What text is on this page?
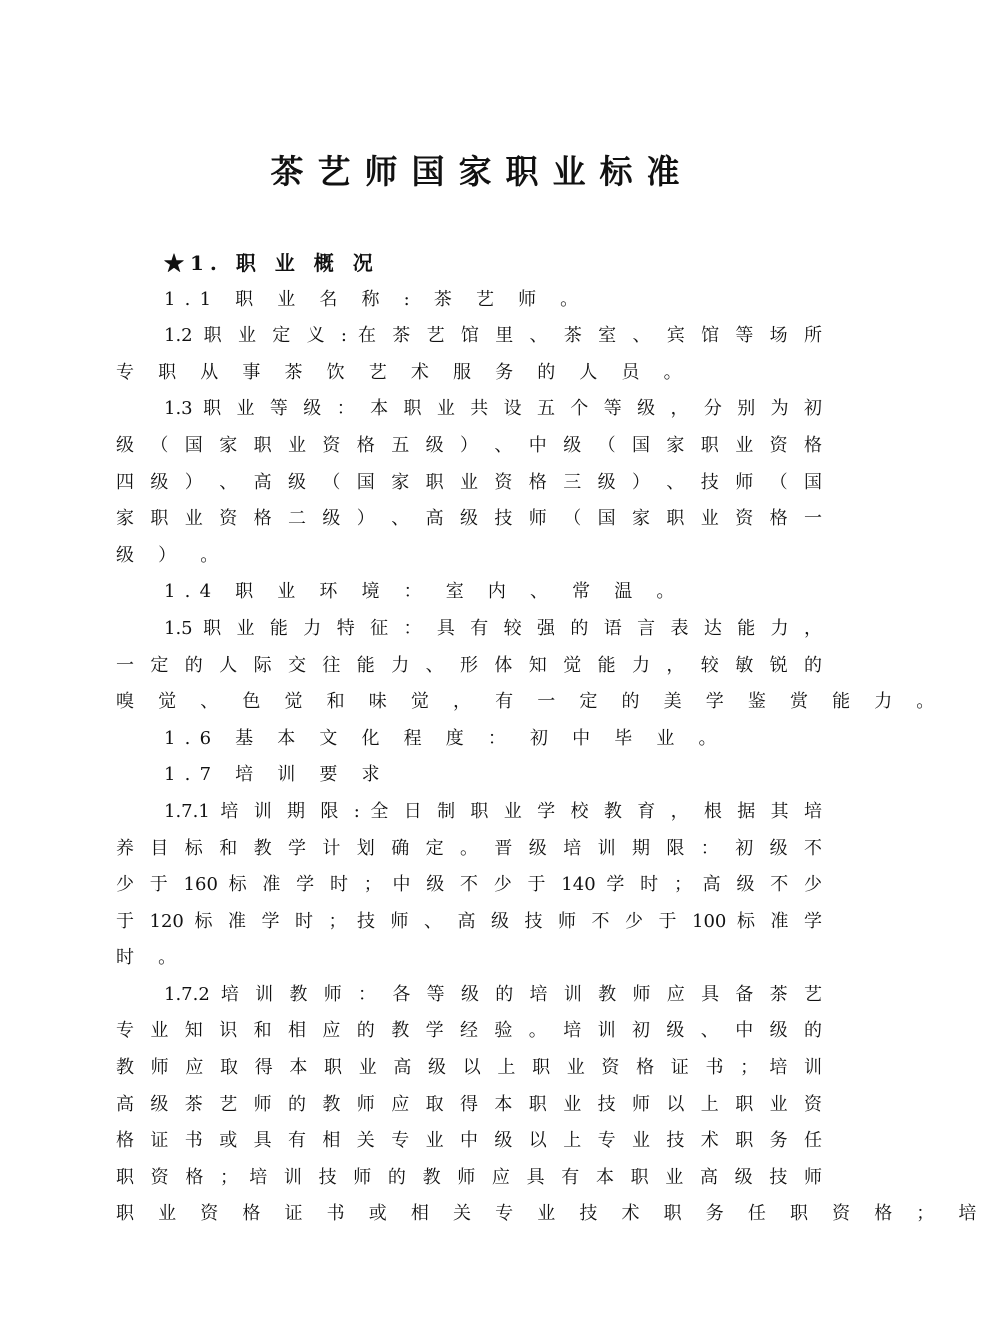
茶艺师国家职业标准
★1. 职 业 概 况
1.1 职 业 名 称 : 茶 艺 师 。
1.2 职 业 定 义 : 在 茶 艺 馆 里 、 茶 室 、 宾 馆 等 场 所
专 职 从 事 茶 饮 艺 术 服 务 的 人 员 。
1.3 职 业 等 级 ： 本 职 业 共 设 五 个 等 级 ， 分 别 为 初
级 （ 国 家 职 业 资 格 五 级 ） 、 中 级 （ 国 家 职 业 资 格
四 级 ） 、 高 级 （ 国 家 职 业 资 格 三 级 ） 、 技 师 （ 国
家 职 业 资 格 二 级 ） 、 高 级 技 师 （ 国 家 职 业 资 格 一
级 ） 。
1.4 职 业 环 境 ： 室 内 、 常 温 。
1.5 职 业 能 力 特 征 ： 具 有 较 强 的 语 言 表 达 能 力 ，
一 定 的 人 际 交 往 能 力 、 形 体 知 觉 能 力 ， 较 敏 锐 的
嗅 觉 、 色 觉 和 味 觉 ， 有 一 定 的 美 学 鉴 赏 能 力 。
1.6 基 本 文 化 程 度 ： 初 中 毕 业 。
1.7 培 训 要 求
1.7.1 培 训 期 限 : 全 日 制 职 业 学 校 教 育 ， 根 据 其 培
养 目 标 和 教 学 计 划 确 定 。 晋 级 培 训 期 限 ： 初 级 不
少 于 160 标 准 学 时 ； 中 级 不 少 于 140 学 时 ； 高 级 不 少
于 120 标 准 学 时 ； 技 师 、 高 级 技 师 不 少 于 100 标 准 学
时 。
1.7.2 培 训 教 师 ： 各 等 级 的 培 训 教 师 应 具 备 茶 艺
专 业 知 识 和 相 应 的 教 学 经 验 。 培 训 初 级 、 中 级 的
教 师 应 取 得 本 职 业 高 级 以 上 职 业 资 格 证 书 ； 培 训
高 级 茶 艺 师 的 教 师 应 取 得 本 职 业 技 师 以 上 职 业 资
格 证 书 或 具 有 相 关 专 业 中 级 以 上 专 业 技 术 职 务 任
职 资 格 ； 培 训 技 师 的 教 师 应 具 有 本 职 业 高 级 技 师
职 业 资 格 证 书 或 相 关 专 业 技 术 职 务 任 职 资 格 ； 培
